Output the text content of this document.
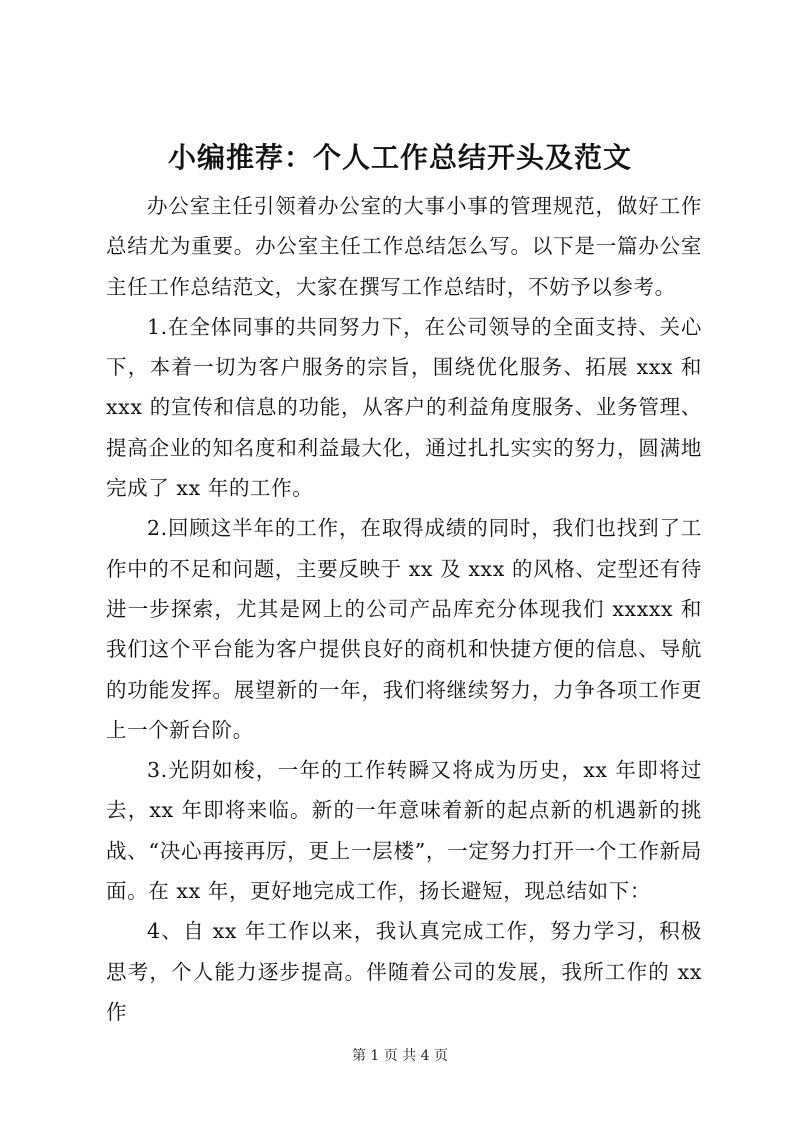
小编推荐：个人工作总结开头及范文

办公室主任引领着办公室的大事小事的管理规范，做好工作总结尤为重要。办公室主任工作总结怎么写。以下是一篇办公室主任工作总结范文，大家在撰写工作总结时，不妨予以参考。

1.在全体同事的共同努力下，在公司领导的全面支持、关心下，本着一切为客户服务的宗旨，围绕优化服务、拓展 xxx 和 xxx 的宣传和信息的功能，从客户的利益角度服务、业务管理、提高企业的知名度和利益最大化，通过扎扎实实的努力，圆满地完成了 xx 年的工作。

2.回顾这半年的工作，在取得成绩的同时，我们也找到了工作中的不足和问题，主要反映于 xx 及 xxx 的风格、定型还有待进一步探索，尤其是网上的公司产品库充分体现我们 xxxxx 和我们这个平台能为客户提供良好的商机和快捷方便的信息、导航的功能发挥。展望新的一年，我们将继续努力，力争各项工作更上一个新台阶。

3.光阴如梭，一年的工作转瞬又将成为历史，xx 年即将过去，xx 年即将来临。新的一年意味着新的起点新的机遇新的挑战、“决心再接再厉，更上一层楼”，一定努力打开一个工作新局面。在 xx 年，更好地完成工作，扬长避短，现总结如下：

4、自 xx 年工作以来，我认真完成工作，努力学习，积极思考，个人能力逐步提高。伴随着公司的发展，我所工作的 xx 作

第 1 页 共 4 页
